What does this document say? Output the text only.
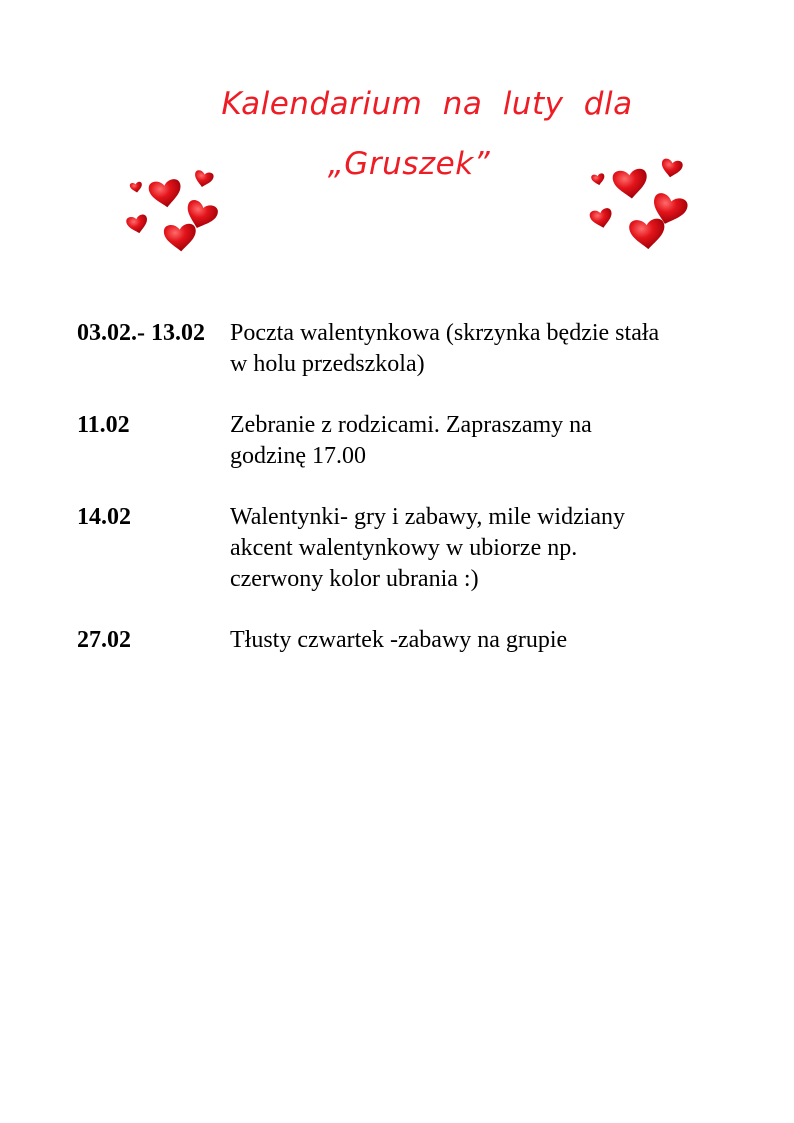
Kalendarium na luty dla
„Gruszek”
03.02.- 13.02	Poczta walentynkowa (skrzynka będzie stała
w holu przedszkola)
11.02	Zebranie z rodzicami. Zapraszamy na
godzinę 17.00
14.02	Walentynki- gry i zabawy, mile widziany
akcent walentynkowy w ubiorze np.
czerwony kolor ubrania :)
27.02	Tłusty czwartek -zabawy na grupie
